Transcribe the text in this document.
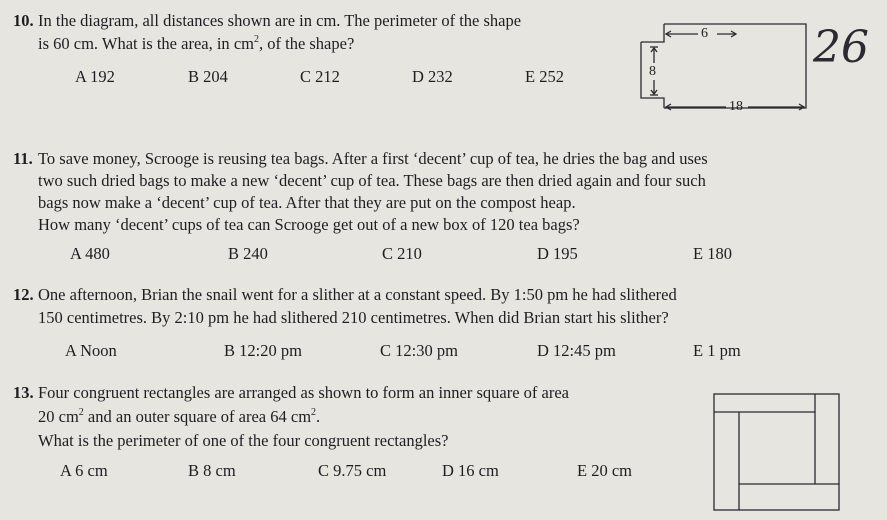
10. In the diagram, all distances shown are in cm. The perimeter of the shape
is 60 cm. What is the area, in $cm^2$, of the shape?
A 192	B 204	C 212	D 232	E 252
6
8
18
26
11. To save money, Scrooge is reusing tea bags. After a first ‘decent’ cup of tea, he dries the bag and uses
two such dried bags to make a new ‘decent’ cup of tea. These bags are then dried again and four such
bags now make a ‘decent’ cup of tea. After that they are put on the compost heap.
How many ‘decent’ cups of tea can Scrooge get out of a new box of 120 tea bags?
A 480	B 240	C 210	D 195	E 180
12. One afternoon, Brian the snail went for a slither at a constant speed. By 1:50 pm he had slithered
150 centimetres. By 2:10 pm he had slithered 210 centimetres. When did Brian start his slither?
A Noon	B 12:20 pm	C 12:30 pm	D 12:45 pm	E 1 pm
13. Four congruent rectangles are arranged as shown to form an inner square of area
20 $cm^2$ and an outer square of area 64 $cm^2$.
What is the perimeter of one of the four congruent rectangles?
A 6 cm	B 8 cm	C 9.75 cm	D 16 cm	E 20 cm
